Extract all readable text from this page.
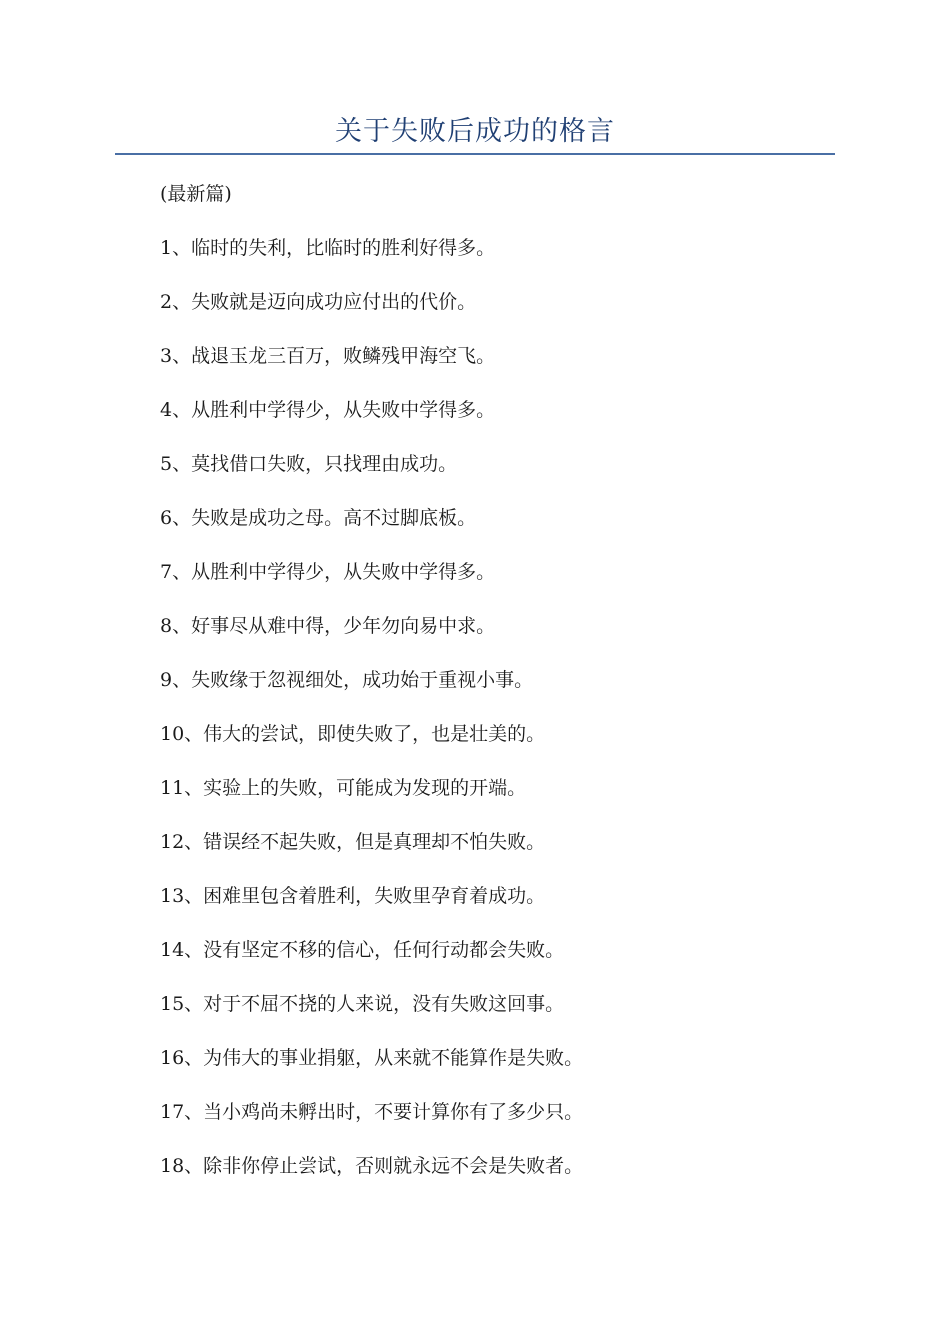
关于失败后成功的格言
(最新篇)
1、临时的失利，比临时的胜利好得多。
2、失败就是迈向成功应付出的代价。
3、战退玉龙三百万，败鳞残甲海空飞。
4、从胜利中学得少，从失败中学得多。
5、莫找借口失败，只找理由成功。
6、失败是成功之母。高不过脚底板。
7、从胜利中学得少，从失败中学得多。
8、好事尽从难中得，少年勿向易中求。
9、失败缘于忽视细处，成功始于重视小事。
10、伟大的尝试，即使失败了，也是壮美的。
11、实验上的失败，可能成为发现的开端。
12、错误经不起失败，但是真理却不怕失败。
13、困难里包含着胜利，失败里孕育着成功。
14、没有坚定不移的信心，任何行动都会失败。
15、对于不屈不挠的人来说，没有失败这回事。
16、为伟大的事业捐躯，从来就不能算作是失败。
17、当小鸡尚未孵出时，不要计算你有了多少只。
18、除非你停止尝试，否则就永远不会是失败者。
